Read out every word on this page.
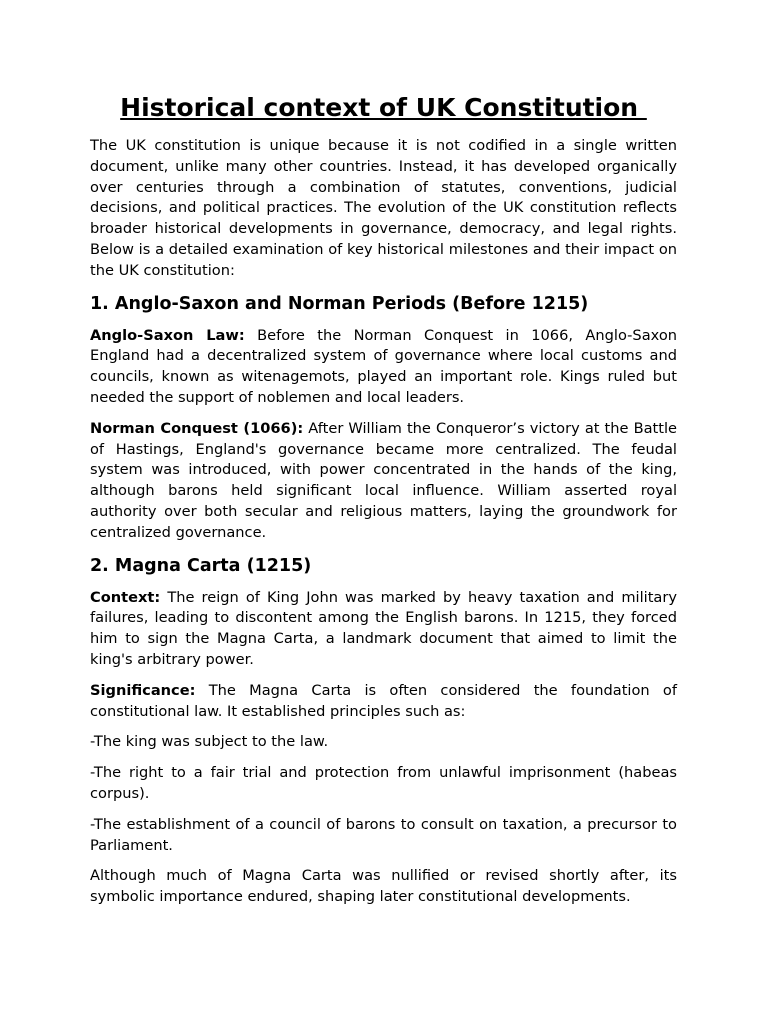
Historical context of UK Constitution

The UK constitution is unique because it is not codified in a single written document, unlike many other countries. Instead, it has developed organically over centuries through a combination of statutes, conventions, judicial decisions, and political practices. The evolution of the UK constitution reflects broader historical developments in governance, democracy, and legal rights. Below is a detailed examination of key historical milestones and their impact on the UK constitution:

1. Anglo-Saxon and Norman Periods (Before 1215)

Anglo-Saxon Law: Before the Norman Conquest in 1066, Anglo-Saxon England had a decentralized system of governance where local customs and councils, known as witenagemots, played an important role. Kings ruled but needed the support of noblemen and local leaders.

Norman Conquest (1066): After William the Conqueror’s victory at the Battle of Hastings, England's governance became more centralized. The feudal system was introduced, with power concentrated in the hands of the king, although barons held significant local influence. William asserted royal authority over both secular and religious matters, laying the groundwork for centralized governance.

2. Magna Carta (1215)

Context: The reign of King John was marked by heavy taxation and military failures, leading to discontent among the English barons. In 1215, they forced him to sign the Magna Carta, a landmark document that aimed to limit the king's arbitrary power.

Significance: The Magna Carta is often considered the foundation of constitutional law. It established principles such as:

-The king was subject to the law.

-The right to a fair trial and protection from unlawful imprisonment (habeas corpus).

-The establishment of a council of barons to consult on taxation, a precursor to Parliament.

Although much of Magna Carta was nullified or revised shortly after, its symbolic importance endured, shaping later constitutional developments.
